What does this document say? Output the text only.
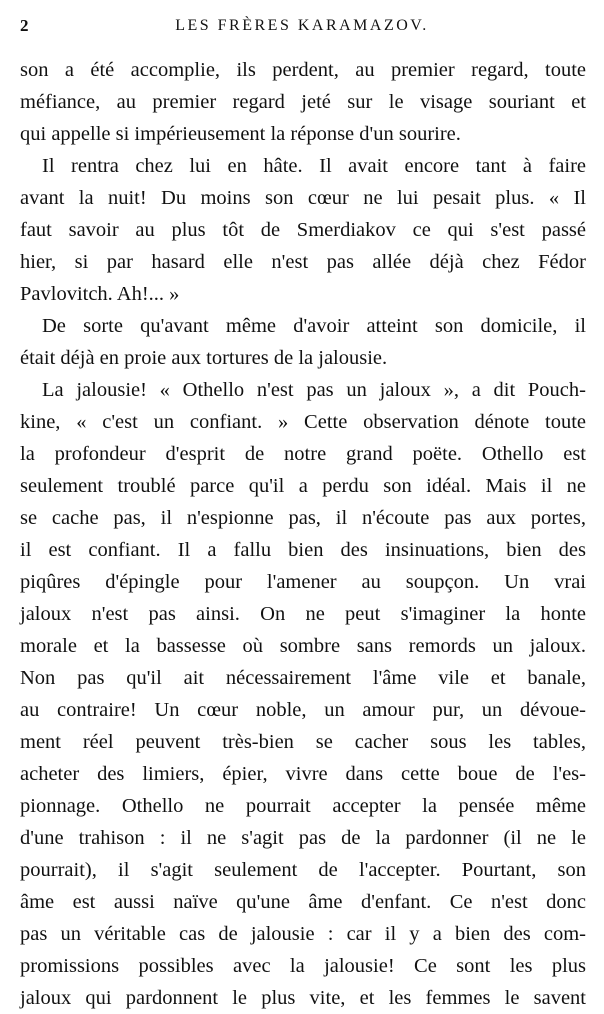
2	LES FRÈRES KARAMAZOV.
son a été accomplie, ils perdent, au premier regard, toute
méfiance, au premier regard jeté sur le visage souriant et
qui appelle si impérieusement la réponse d'un sourire.
Il rentra chez lui en hâte. Il avait encore tant à faire
avant la nuit! Du moins son cœur ne lui pesait plus. « Il
faut savoir au plus tôt de Smerdiakov ce qui s'est passé
hier, si par hasard elle n'est pas allée déjà chez Fédor
Pavlovitch. Ah!... »
De sorte qu'avant même d'avoir atteint son domicile, il
était déjà en proie aux tortures de la jalousie.
La jalousie! « Othello n'est pas un jaloux », a dit Pouch-
kine, « c'est un confiant. » Cette observation dénote toute
la profondeur d'esprit de notre grand poëte. Othello est
seulement troublé parce qu'il a perdu son idéal. Mais il ne
se cache pas, il n'espionne pas, il n'écoute pas aux portes,
il est confiant. Il a fallu bien des insinuations, bien des
piqûres d'épingle pour l'amener au soupçon. Un vrai
jaloux n'est pas ainsi. On ne peut s'imaginer la honte
morale et la bassesse où sombre sans remords un jaloux.
Non pas qu'il ait nécessairement l'âme vile et banale,
au contraire! Un cœur noble, un amour pur, un dévoue-
ment réel peuvent très-bien se cacher sous les tables,
acheter des limiers, épier, vivre dans cette boue de l'es-
pionnage. Othello ne pourrait accepter la pensée même
d'une trahison : il ne s'agit pas de la pardonner (il ne le
pourrait), il s'agit seulement de l'accepter. Pourtant, son
âme est aussi naïve qu'une âme d'enfant. Ce n'est donc
pas un véritable cas de jalousie : car il y a bien des com-
promissions possibles avec la jalousie! Ce sont les plus
jaloux qui pardonnent le plus vite, et les femmes le savent
